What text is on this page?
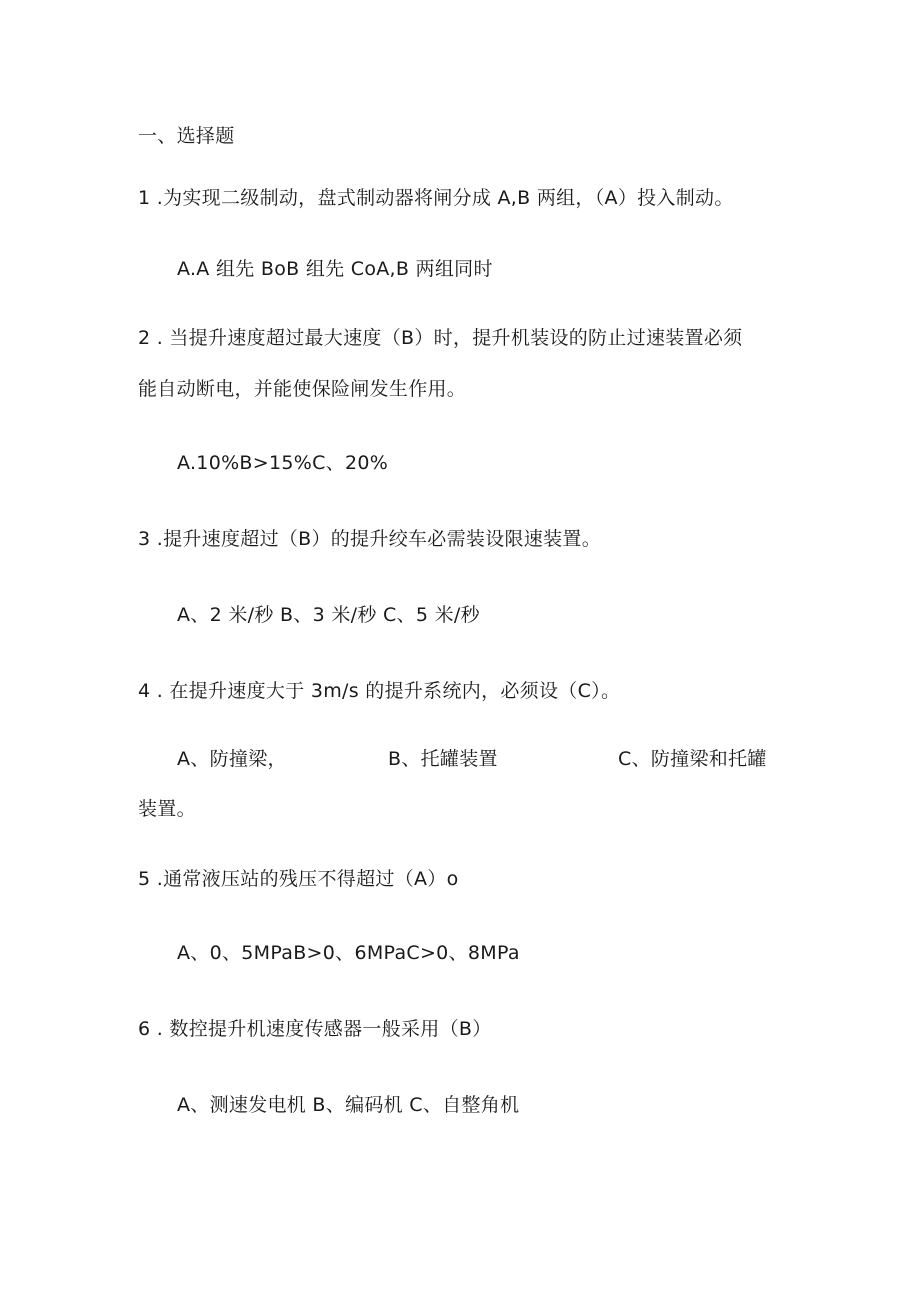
一、选择题
1 .为实现二级制动，盘式制动器将闸分成 A,B 两组，（A）投入制动。
A.A 组先 BoB 组先 CoA,B 两组同时
2 . 当提升速度超过最大速度（B）时，提升机装设的防止过速装置必须
能自动断电，并能使保险闸发生作用。
A.10%B>15%C、20%
3 .提升速度超过（B）的提升绞车必需装设限速装置。
A、2 米/秒 B、3 米/秒 C、5 米/秒
4 . 在提升速度大于 3m/s 的提升系统内，必须设（C）。
A、防撞梁，	B、托罐装置	C、防撞梁和托罐
装置。
5 .通常液压站的残压不得超过（A）o
A、0、5MPaB>0、6MPaC>0、8MPa
6 . 数控提升机速度传感器一般采用（B）
A、测速发电机 B、编码机 C、自整角机
